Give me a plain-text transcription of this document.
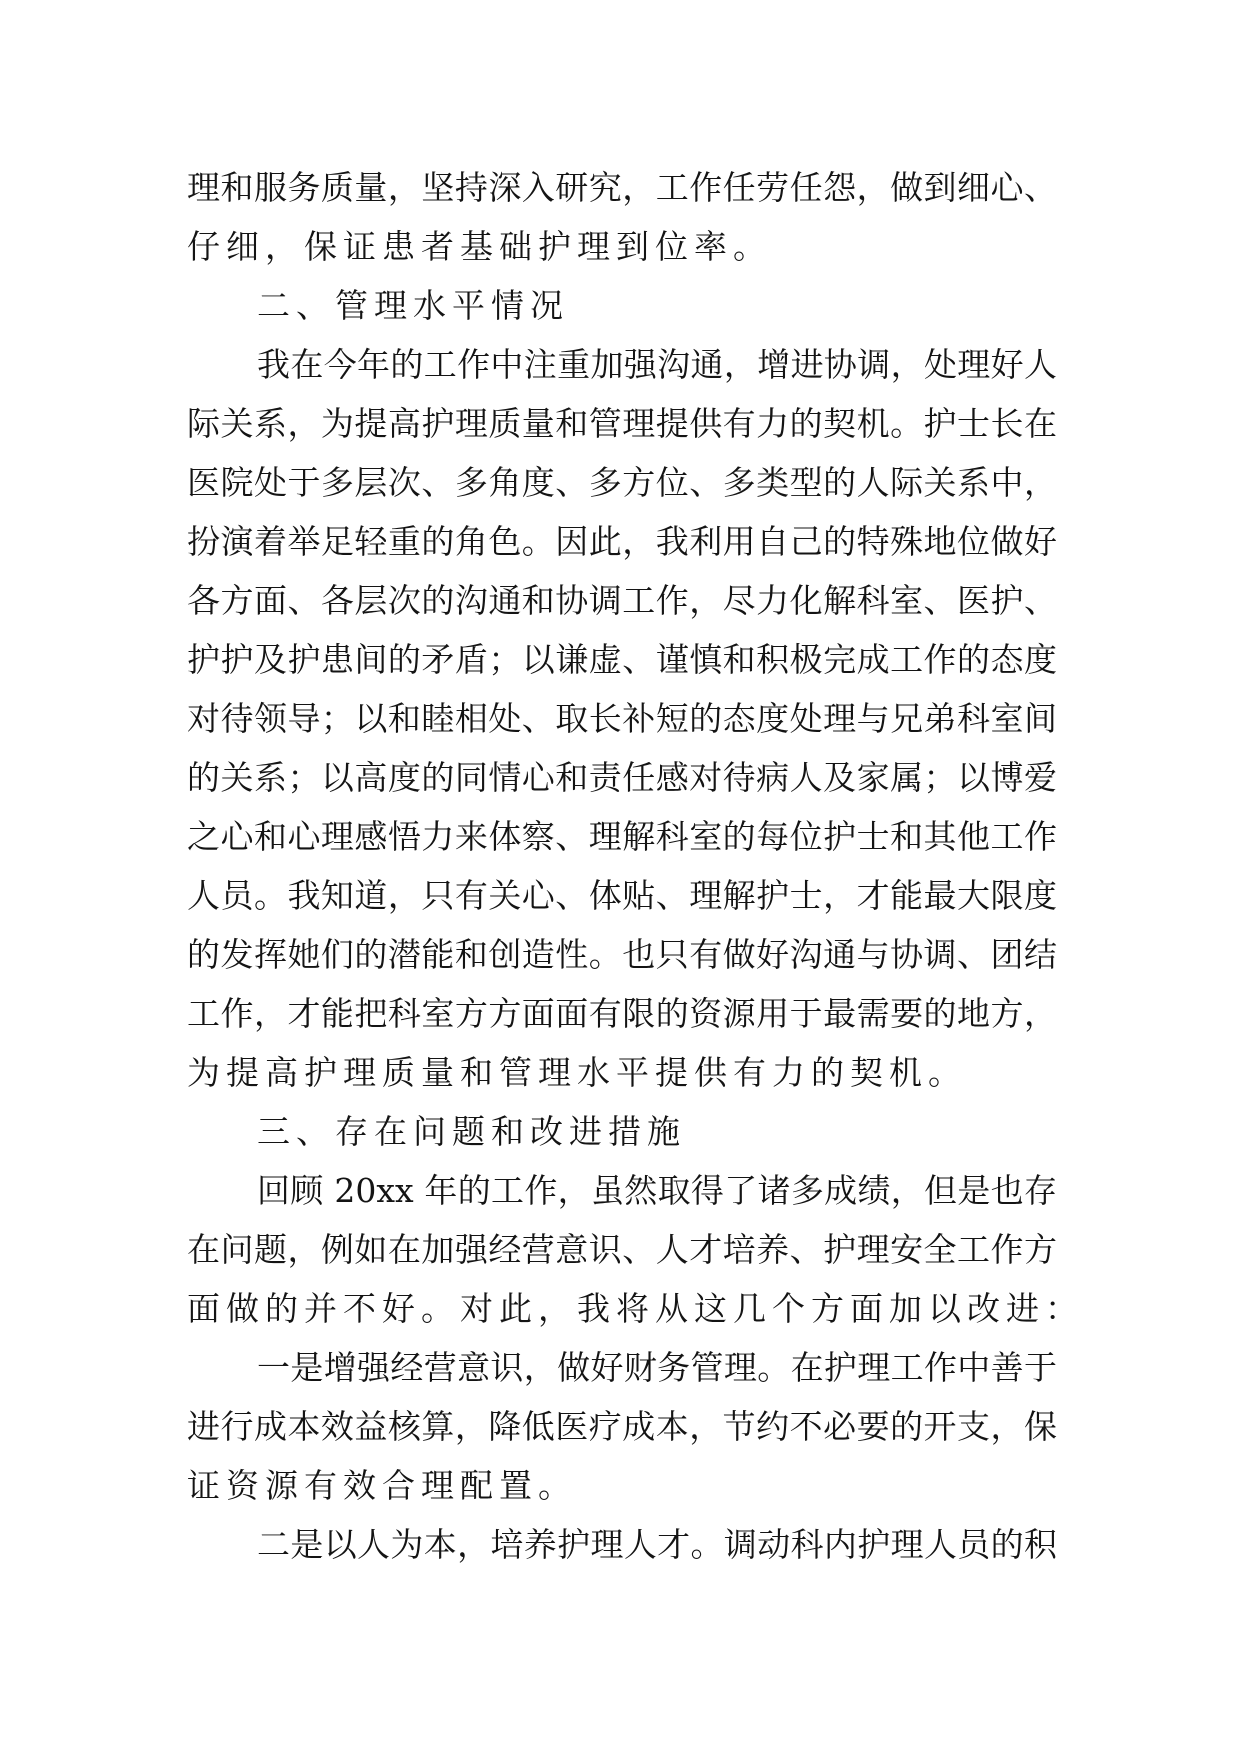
理和服务质量，坚持深入研究，工作任劳任怨，做到细心、
仔细，保证患者基础护理到位率。
二、管理水平情况
我在今年的工作中注重加强沟通，增进协调，处理好人
际关系，为提高护理质量和管理提供有力的契机。护士长在
医院处于多层次、多角度、多方位、多类型的人际关系中，
扮演着举足轻重的角色。因此，我利用自己的特殊地位做好
各方面、各层次的沟通和协调工作，尽力化解科室、医护、
护护及护患间的矛盾；以谦虚、谨慎和积极完成工作的态度
对待领导；以和睦相处、取长补短的态度处理与兄弟科室间
的关系；以高度的同情心和责任感对待病人及家属；以博爱
之心和心理感悟力来体察、理解科室的每位护士和其他工作
人员。我知道，只有关心、体贴、理解护士，才能最大限度
的发挥她们的潜能和创造性。也只有做好沟通与协调、团结
工作，才能把科室方方面面有限的资源用于最需要的地方，
为提高护理质量和管理水平提供有力的契机。
三、存在问题和改进措施
回顾 20xx 年的工作，虽然取得了诸多成绩，但是也存
在问题，例如在加强经营意识、人才培养、护理安全工作方
面做的并不好。对此，我将从这几个方面加以改进：
一是增强经营意识，做好财务管理。在护理工作中善于
进行成本效益核算，降低医疗成本，节约不必要的开支，保
证资源有效合理配置。
二是以人为本，培养护理人才。调动科内护理人员的积
